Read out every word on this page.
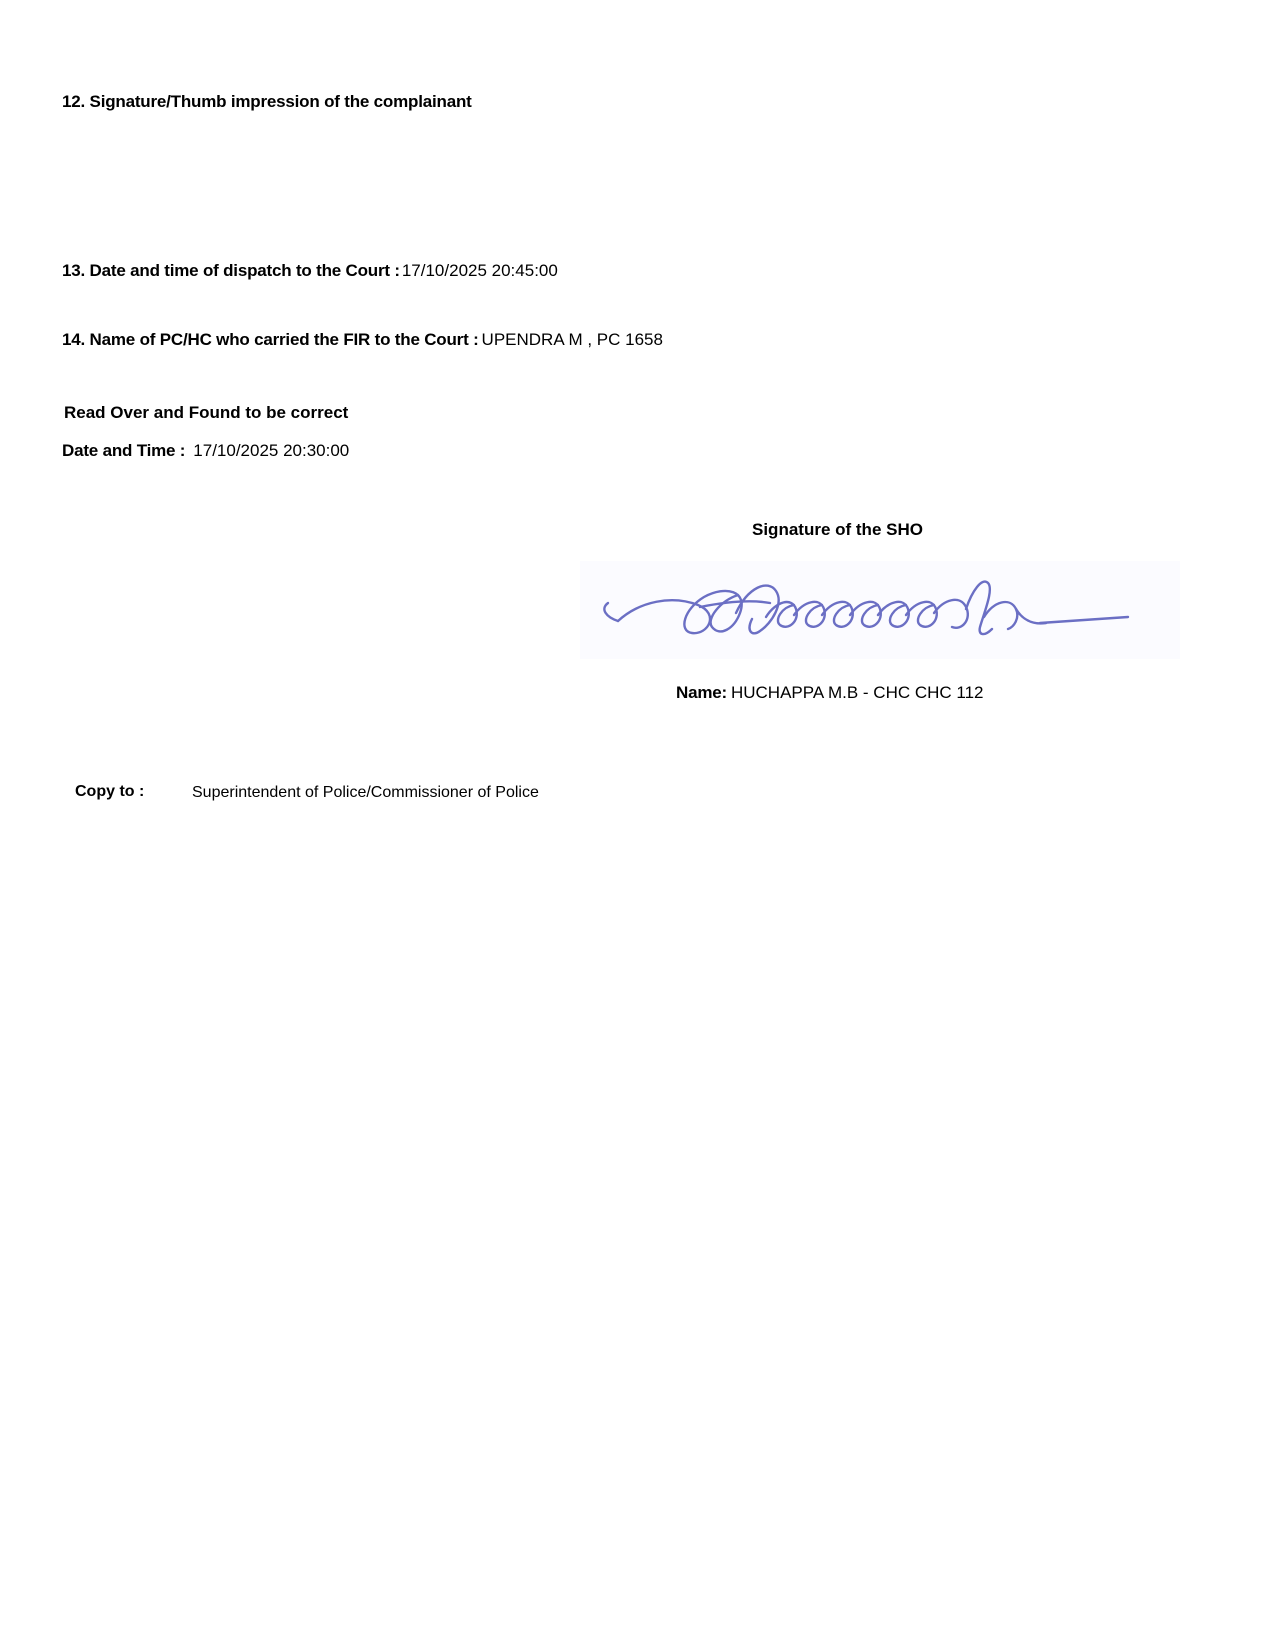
12. Signature/Thumb impression of the complainant
13. Date and time of dispatch to the Court : 17/10/2025 20:45:00
14. Name of PC/HC who carried the FIR to the Court : UPENDRA M , PC 1658
Read Over and Found to be correct
Date and Time : 17/10/2025 20:30:00
Signature of the SHO
Name: HUCHAPPA M.B - CHC CHC 112
Copy to :	Superintendent of Police/Commissioner of Police
